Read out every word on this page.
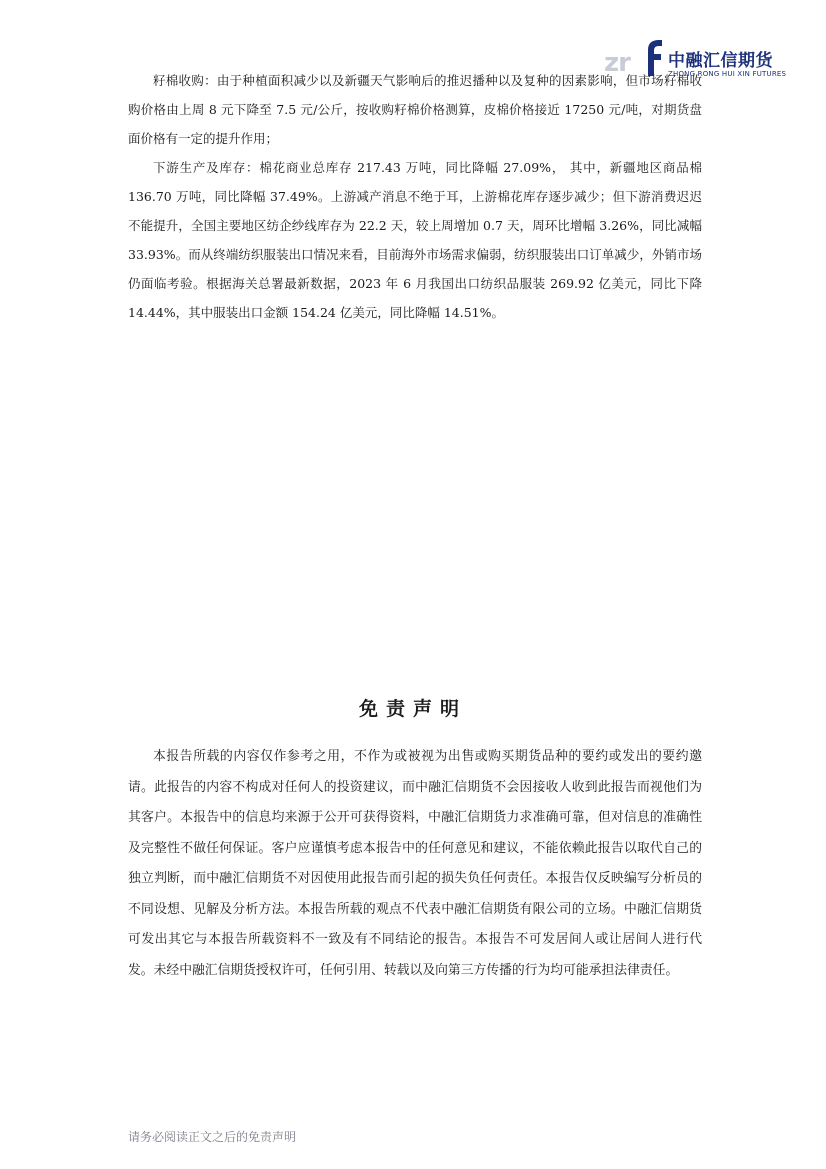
zr 中融汇信期货
ZHONG RONG HUI XIN FUTURES

籽棉收购：由于种植面积减少以及新疆天气影响后的推迟播种以及复种的因素影响，但市场籽棉收购价格由上周 8 元下降至 7.5 元/公斤，按收购籽棉价格测算，皮棉价格接近 17250 元/吨，对期货盘面价格有一定的提升作用；

下游生产及库存：棉花商业总库存 217.43 万吨，同比降幅 27.09%， 其中，新疆地区商品棉 136.70 万吨，同比降幅 37.49%。上游减产消息不绝于耳，上游棉花库存逐步减少；但下游消费迟迟不能提升，全国主要地区纺企纱线库存为 22.2 天，较上周增加 0.7 天，周环比增幅 3.26%，同比减幅 33.93%。而从终端纺织服装出口情况来看，目前海外市场需求偏弱，纺织服装出口订单减少，外销市场仍面临考验。根据海关总署最新数据，2023 年 6 月我国出口纺织品服装 269.92 亿美元，同比下降 14.44%，其中服装出口金额 154.24 亿美元，同比降幅 14.51%。

免责声明

本报告所载的内容仅作参考之用，不作为或被视为出售或购买期货品种的要约或发出的要约邀请。此报告的内容不构成对任何人的投资建议，而中融汇信期货不会因接收人收到此报告而视他们为其客户。本报告中的信息均来源于公开可获得资料，中融汇信期货力求准确可靠，但对信息的准确性及完整性不做任何保证。客户应谨慎考虑本报告中的任何意见和建议，不能依赖此报告以取代自己的独立判断，而中融汇信期货不对因使用此报告而引起的损失负任何责任。本报告仅反映编写分析员的不同设想、见解及分析方法。本报告所载的观点不代表中融汇信期货有限公司的立场。中融汇信期货可发出其它与本报告所载资料不一致及有不同结论的报告。本报告不可发居间人或让居间人进行代发。未经中融汇信期货授权许可，任何引用、转载以及向第三方传播的行为均可能承担法律责任。

请务必阅读正文之后的免责声明
